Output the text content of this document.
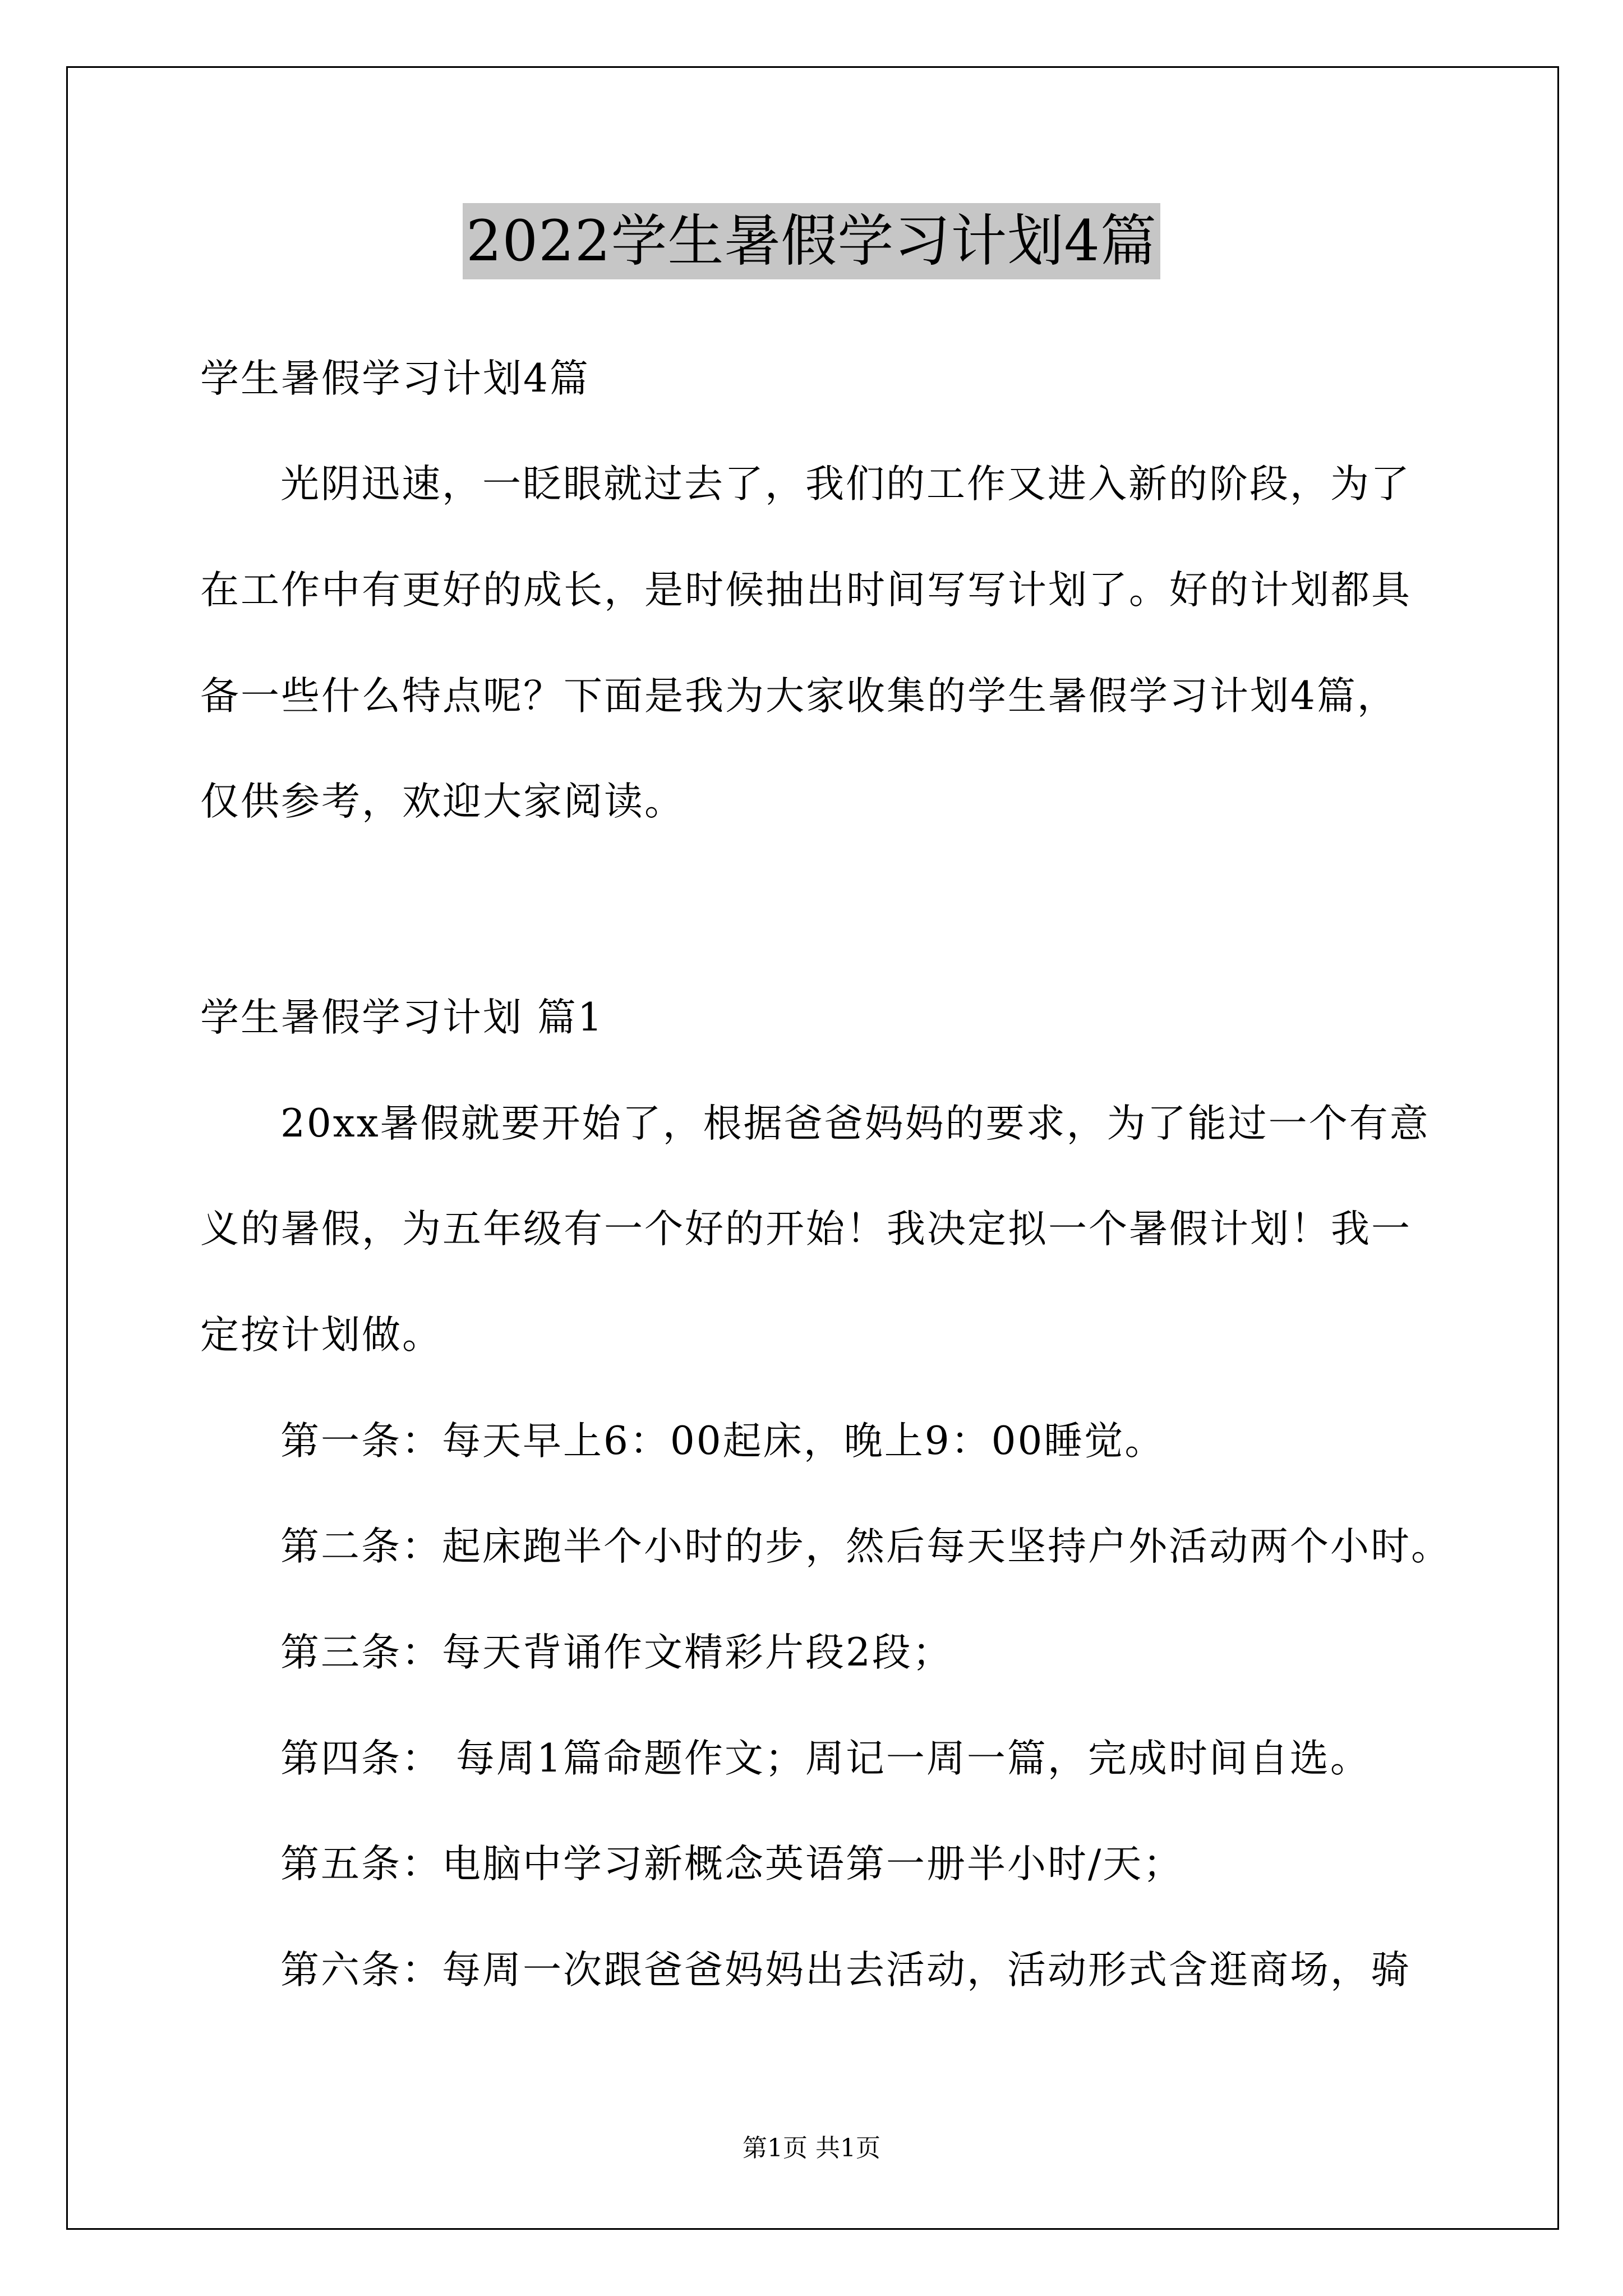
2022学生暑假学习计划4篇
学生暑假学习计划4篇
光阴迅速，一眨眼就过去了，我们的工作又进入新的阶段，为了
在工作中有更好的成长，是时候抽出时间写写计划了。好的计划都具
备一些什么特点呢？下面是我为大家收集的学生暑假学习计划4篇，
仅供参考，欢迎大家阅读。
学生暑假学习计划 篇1
20xx暑假就要开始了，根据爸爸妈妈的要求，为了能过一个有意
义的暑假，为五年级有一个好的开始！我决定拟一个暑假计划！我一
定按计划做。
第一条：每天早上6：00起床，晚上9：00睡觉。
第二条：起床跑半个小时的步，然后每天坚持户外活动两个小时。
第三条：每天背诵作文精彩片段2段；
第四条： 每周1篇命题作文；周记一周一篇，完成时间自选。
第五条：电脑中学习新概念英语第一册半小时/天；
第六条：每周一次跟爸爸妈妈出去活动，活动形式含逛商场，骑
第1页 共1页
